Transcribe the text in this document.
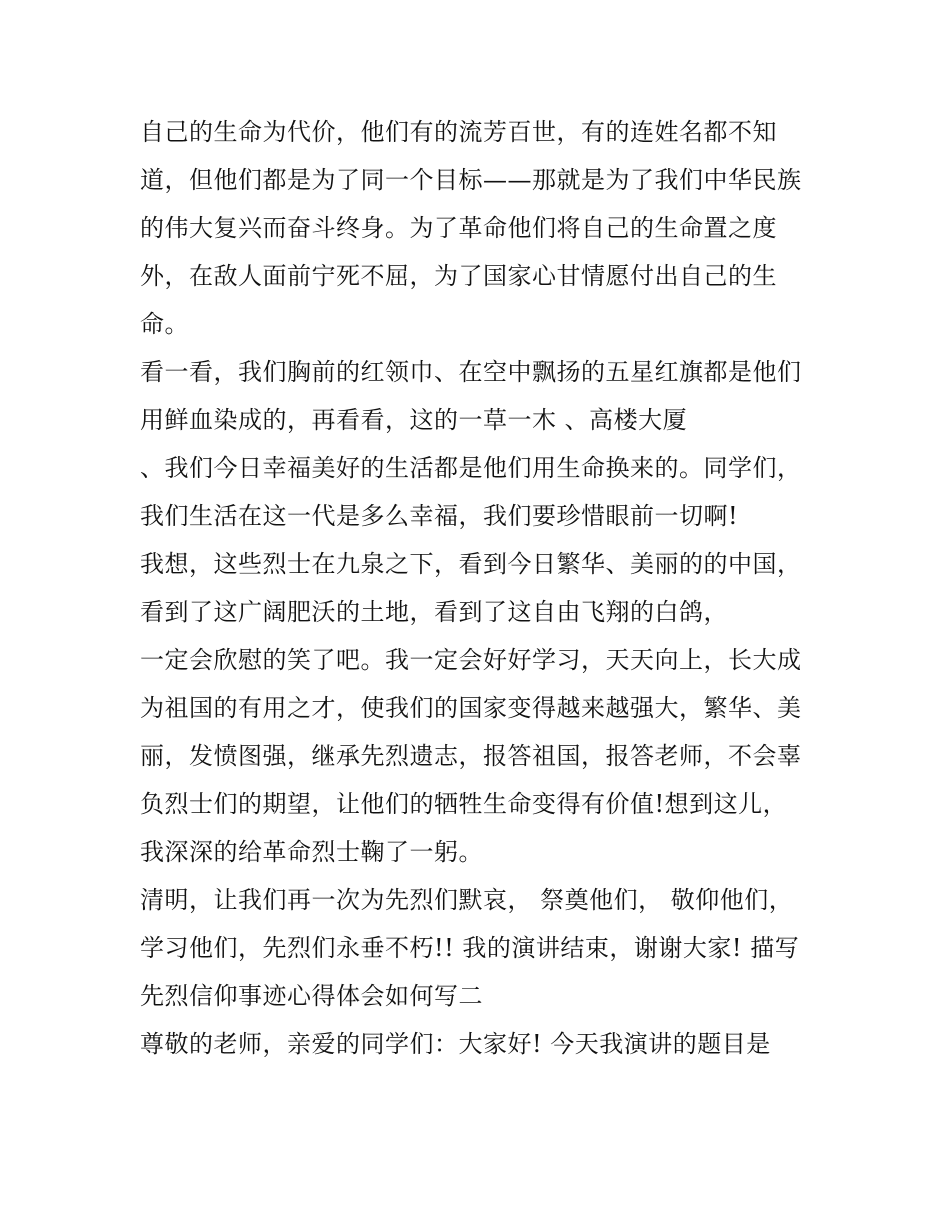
自己的生命为代价，他们有的流芳百世，有的连姓名都不知
道，但他们都是为了同一个目标——那就是为了我们中华民族
的伟大复兴而奋斗终身。为了革命他们将自己的生命置之度
外，在敌人面前宁死不屈，为了国家心甘情愿付出自己的生
命。
看一看，我们胸前的红领巾、在空中飘扬的五星红旗都是他们
用鲜血染成的，再看看，这的一草一木 、高楼大厦
、我们今日幸福美好的生活都是他们用生命换来的。同学们，
我们生活在这一代是多么幸福，我们要珍惜眼前一切啊!
我想，这些烈士在九泉之下，看到今日繁华、美丽的的中国，
看到了这广阔肥沃的土地，看到了这自由飞翔的白鸽，
一定会欣慰的笑了吧。我一定会好好学习，天天向上，长大成
为祖国的有用之才，使我们的国家变得越来越强大，繁华、美
丽，发愤图强，继承先烈遗志，报答祖国，报答老师，不会辜
负烈士们的期望，让他们的牺牲生命变得有价值!想到这儿，
我深深的给革命烈士鞠了一躬。
清明，让我们再一次为先烈们默哀， 祭奠他们， 敬仰他们，
学习他们，先烈们永垂不朽!! 我的演讲结束，谢谢大家! 描写
先烈信仰事迹心得体会如何写二
尊敬的老师，亲爱的同学们：大家好! 今天我演讲的题目是
